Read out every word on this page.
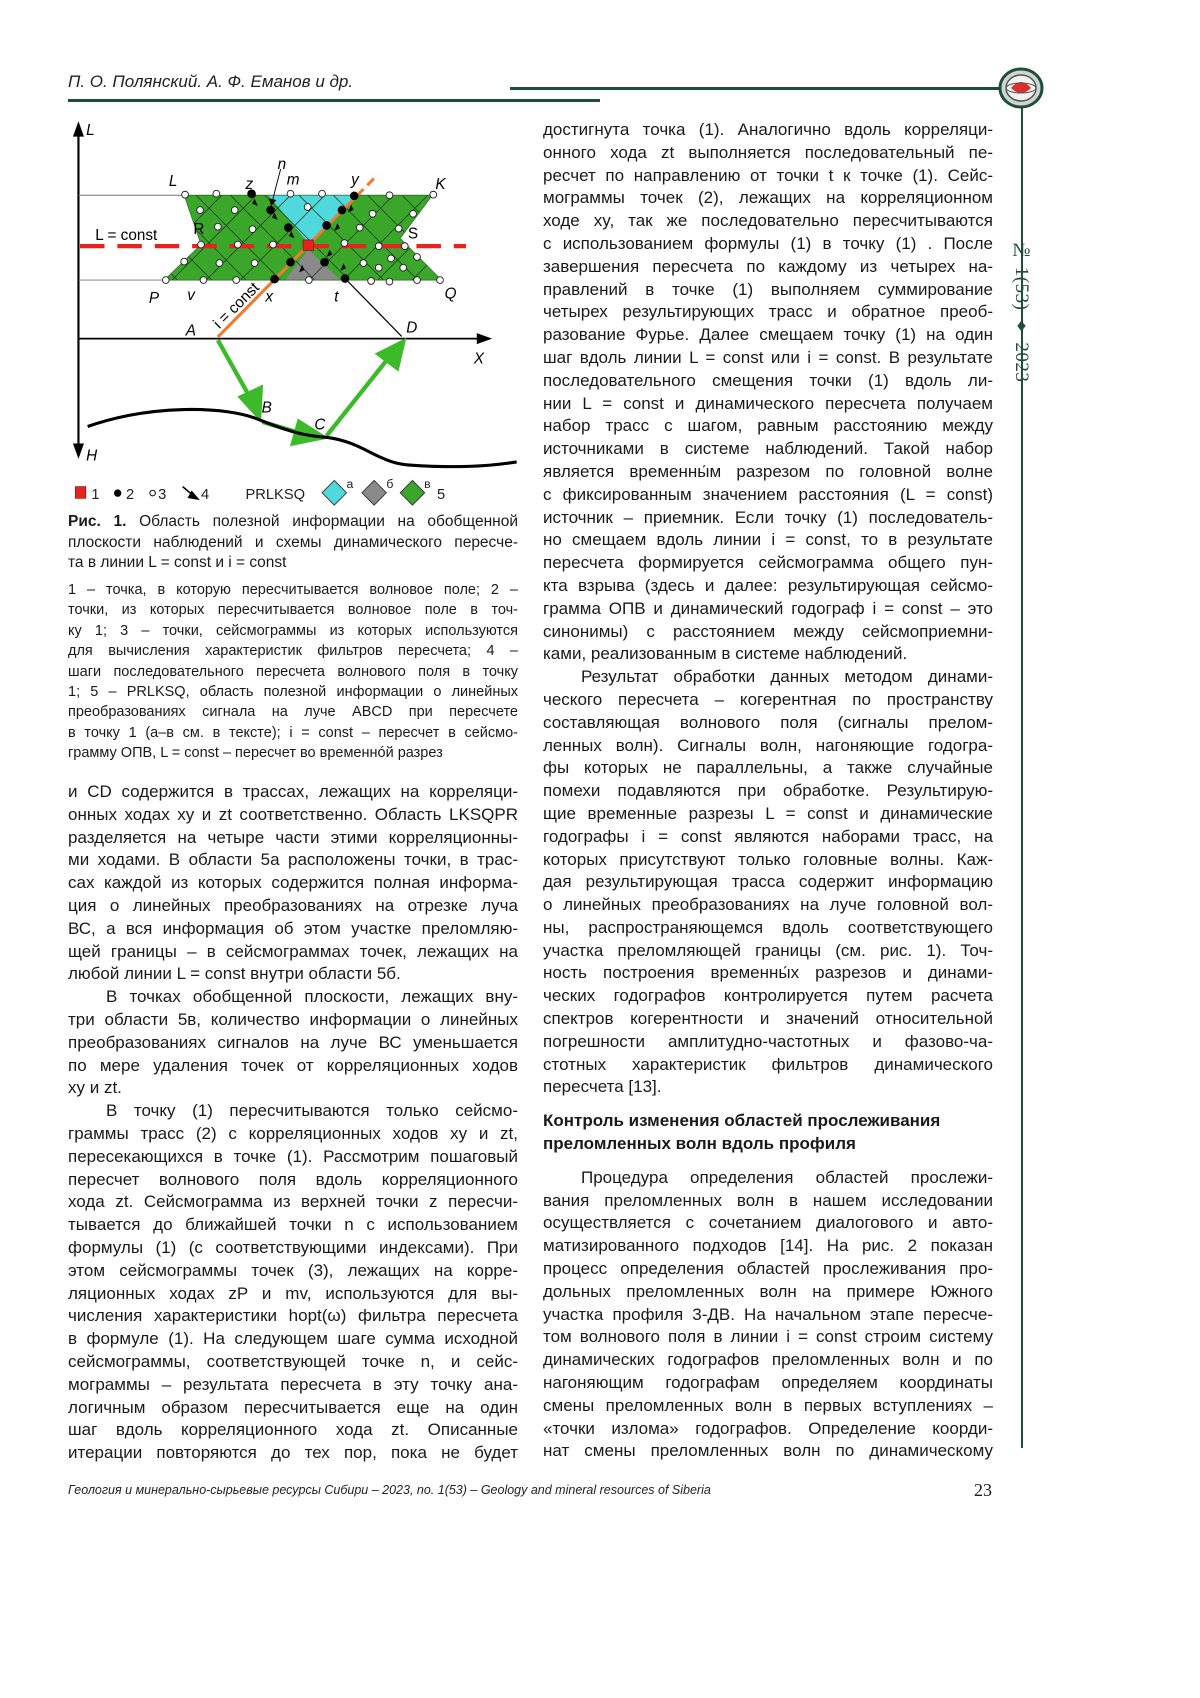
П. О. Полянский. А. Ф. Еманов и др.
№ 1(53) ♦ 2023
L
H
X
L z
n
m y K
P v x t Q
A	D
B
C
R	S
L = const
i = const
1 2 3 4 PRLKSQ
а б в
5
Рис. 1. Область полезной информации на обобщенной
плоскости наблюдений и схемы динамического пересче-
та в линии L = const и i = const
1 – точка, в которую пересчитывается волновое поле; 2 –
точки, из которых пересчитывается волновое поле в точ-
ку 1; 3 – точки, сейсмограммы из которых используются
для вычисления характеристик фильтров пересчета; 4 –
шаги последовательного пересчета волнового поля в точку
1; 5 – PRLKSQ, область полезной информации о линейных
преобразованиях сигнала на луче ABCD при пересчете
в точку 1 (а–в см. в тексте); i = const – пересчет в сейсмо-
грамму ОПВ, L = const – пересчет во временнóй разрез
и CD содержится в трассах, лежащих на корреляци-
онных ходах xy и zt соответственно. Область LKSQPR
разделяется на четыре части этими корреляционны-
ми ходами. В области 5а расположены точки, в трас-
сах каждой из которых содержится полная информа-
ция о линейных преобразованиях на отрезке луча
ВС, а вся информация об этом участке преломляю-
щей границы – в сейсмограммах точек, лежащих на
любой линии L = const внутри области 5б.
В точках обобщенной плоскости, лежащих вну-
три области 5в, количество информации о линейных
преобразованиях сигналов на луче ВС уменьшается
по мере удаления точек от корреляционных ходов
xy и zt.
В точку (1) пересчитываются только сейсмо-
граммы трасс (2) с корреляционных ходов xy и zt,
пересекающихся в точке (1). Рассмотрим пошаговый
пересчет волнового поля вдоль корреляционного
хода zt. Сейсмограмма из верхней точки z пересчи-
тывается до ближайшей точки n с использованием
формулы (1) (с соответствующими индексами). При
этом сейсмограммы точек (3), лежащих на корре-
ляционных ходах zP и mv, используются для вы-
числения характеристики hopt(ω) фильтра пересчета
в формуле (1). На следующем шаге сумма исходной
сейсмограммы, соответствующей точке n, и сейс-
мограммы – результата пересчета в эту точку ана-
логичным образом пересчитывается еще на один
шаг вдоль корреляционного хода zt. Описанные
итерации повторяются до тех пор, пока не будет
достигнута точка (1). Аналогично вдоль корреляци-
онного хода zt выполняется последовательный пе-
ресчет по направлению от точки t к точке (1). Сейс-
мограммы точек (2), лежащих на корреляционном
ходе xy, так же последовательно пересчитываются
с использованием формулы (1) в точку (1) . После
завершения пересчета по каждому из четырех на-
правлений в точке (1) выполняем суммирование
четырех результирующих трасс и обратное преоб-
разование Фурье. Далее смещаем точку (1) на один
шаг вдоль линии L = const или i = const. В результате
последовательного смещения точки (1) вдоль ли-
нии L = const и динамического пересчета получаем
набор трасс с шагом, равным расстоянию между
источниками в системе наблюдений. Такой набор
является временны́м разрезом по головной волне
с фиксированным значением расстояния (L = const)
источник – приемник. Если точку (1) последователь-
но смещаем вдоль линии i = const, то в результате
пересчета формируется сейсмограмма общего пун-
кта взрыва (здесь и далее: результирующая сейсмо-
грамма ОПВ и динамический годограф i = const – это
синонимы) с расстоянием между сейсмоприемни-
ками, реализованным в системе наблюдений.
Результат обработки данных методом динами-
ческого пересчета – когерентная по пространству
составляющая волнового поля (сигналы прелом-
ленных волн). Сигналы волн, нагоняющие годогра-
фы которых не параллельны, а также случайные
помехи подавляются при обработке. Результирую-
щие временные разрезы L = const и динамические
годографы i = const являются наборами трасс, на
которых присутствуют только головные волны. Каж-
дая результирующая трасса содержит информацию
о линейных преобразованиях на луче головной вол-
ны, распространяющемся вдоль соответствующего
участка преломляющей границы (см. рис. 1). Точ-
ность построения временны́х разрезов и динами-
ческих годографов контролируется путем расчета
спектров когерентности и значений относительной
погрешности амплитудно-частотных и фазово-ча-
стотных характеристик фильтров динамического
пересчета [13].
Контроль изменения областей прослеживания
преломленных волн вдоль профиля
Процедура определения областей прослежи-
вания преломленных волн в нашем исследовании
осуществляется с сочетанием диалогового и авто-
матизированного подходов [14]. На рис. 2 показан
процесс определения областей прослеживания про-
дольных преломленных волн на примере Южного
участка профиля 3-ДВ. На начальном этапе пересче-
том волнового поля в линии i = const строим систему
динамических годографов преломленных волн и по
нагоняющим годографам определяем координаты
смены преломленных волн в первых вступлениях –
«точки излома» годографов. Определение коорди-
нат смены преломленных волн по динамическому
Геология и минерально-сырьевые ресурсы Сибири – 2023, no. 1(53) – Geology and mineral resources of Siberia	23
